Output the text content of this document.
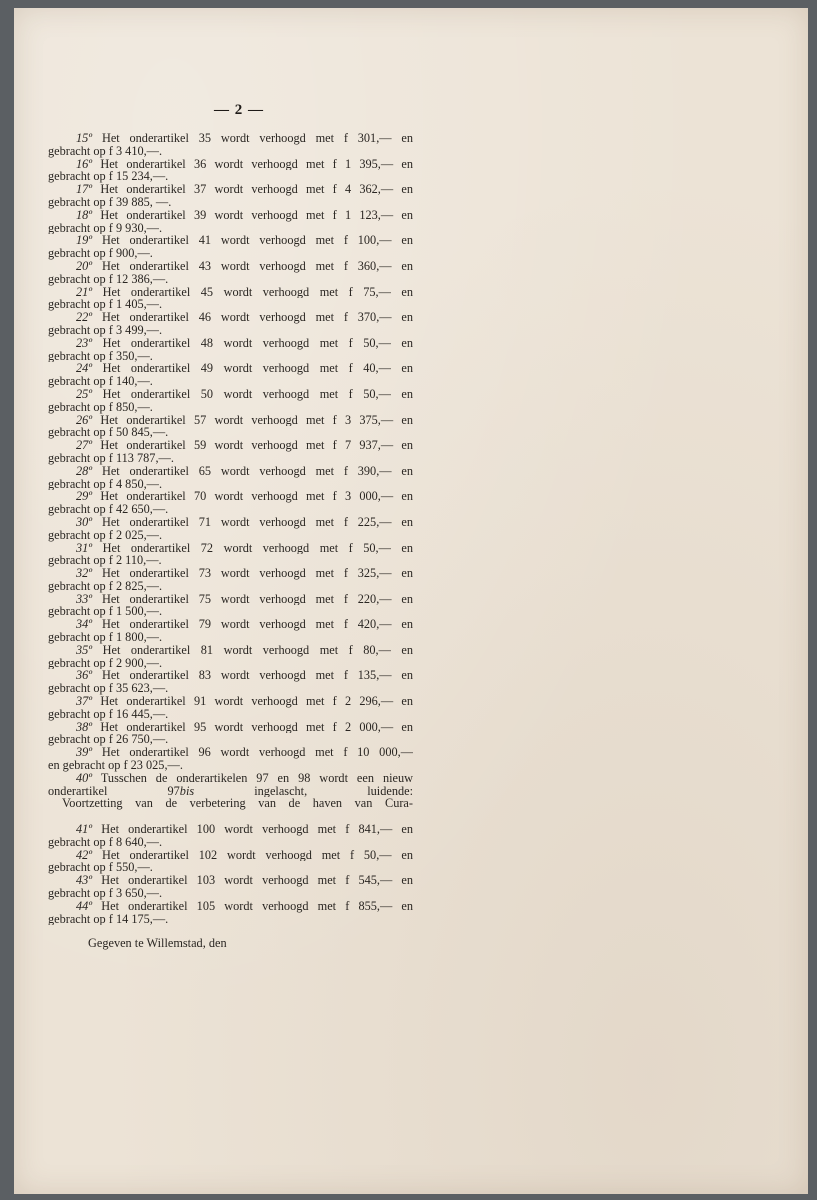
— 2 —
15º Het onderartikel 35 wordt verhoogd met f 301,— en
gebracht op f 3 410,—.
16º Het onderartikel 36 wordt verhoogd met f 1 395,— en
gebracht op f 15 234,—.
17º Het onderartikel 37 wordt verhoogd met f 4 362,— en
gebracht op f 39 885, —.
18º Het onderartikel 39 wordt verhoogd met f 1 123,— en
gebracht op f 9 930,—.
19º Het onderartikel 41 wordt verhoogd met f 100,— en
gebracht op f 900,—.
20º Het onderartikel 43 wordt verhoogd met f 360,— en
gebracht op f 12 386,—.
21º Het onderartikel 45 wordt verhoogd met f 75,— en
gebracht op f 1 405,—.
22º Het onderartikel 46 wordt verhoogd met f 370,— en
gebracht op f 3 499,—.
23º Het onderartikel 48 wordt verhoogd met f 50,— en
gebracht op f 350,—.
24º Het onderartikel 49 wordt verhoogd met f 40,— en
gebracht op f 140,—.
25º Het onderartikel 50 wordt verhoogd met f 50,— en
gebracht op f 850,—.
26º Het onderartikel 57 wordt verhoogd met f 3 375,— en
gebracht op f 50 845,—.
27º Het onderartikel 59 wordt verhoogd met f 7 937,— en
gebracht op f 113 787,—.
28º Het onderartikel 65 wordt verhoogd met f 390,— en
gebracht op f 4 850,—.
29º Het onderartikel 70 wordt verhoogd met f 3 000,— en
gebracht op f 42 650,—.
30º Het onderartikel 71 wordt verhoogd met f 225,— en
gebracht op f 2 025,—.
31º Het onderartikel 72 wordt verhoogd met f 50,— en
gebracht op f 2 110,—.
32º Het onderartikel 73 wordt verhoogd met f 325,— en
gebracht op f 2 825,—.
33º Het onderartikel 75 wordt verhoogd met f 220,— en
gebracht op f 1 500,—.
34º Het onderartikel 79 wordt verhoogd met f 420,— en
gebracht op f 1 800,—.
35º Het onderartikel 81 wordt verhoogd met f 80,— en
gebracht op f 2 900,—.
36º Het onderartikel 83 wordt verhoogd met f 135,— en
gebracht op f 35 623,—.
37º Het onderartikel 91 wordt verhoogd met f 2 296,— en
gebracht op f 16 445,—.
38º Het onderartikel 95 wordt verhoogd met f 2 000,— en
gebracht op f 26 750,—.
39º Het onderartikel 96 wordt verhoogd met f 10 000,—
en gebracht op f 23 025,—.
40º Tusschen de onderartikelen 97 en 98 wordt een nieuw
onderartikel 97bis ingelascht, luidende:
Voortzetting van de verbetering van de haven van Cura-

41º Het onderartikel 100 wordt verhoogd met f 841,— en
gebracht op f 8 640,—.
42º Het onderartikel 102 wordt verhoogd met f 50,— en
gebracht op f 550,—.
43º Het onderartikel 103 wordt verhoogd met f 545,— en
gebracht op f 3 650,—.
44º Het onderartikel 105 wordt verhoogd met f 855,— en
gebracht op f 14 175,—.
Gegeven te Willemstad, den
